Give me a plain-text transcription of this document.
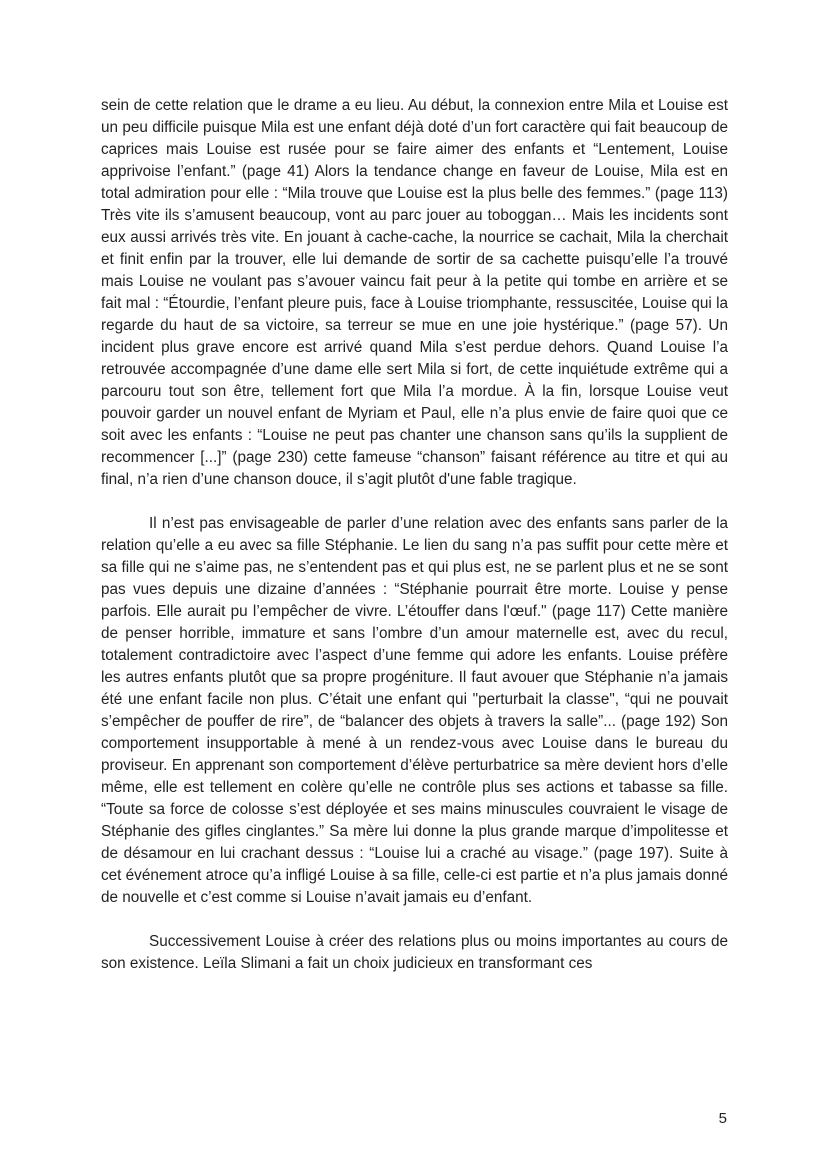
sein de cette relation que le drame a eu lieu. Au début, la connexion entre Mila et Louise est un peu difficile puisque Mila est une enfant déjà doté d’un fort caractère qui fait beaucoup de caprices mais Louise est rusée pour se faire aimer des enfants et “Lentement, Louise apprivoise l’enfant.” (page 41) Alors la tendance change en faveur de Louise, Mila est en total admiration pour elle : “Mila trouve que Louise est la plus belle des femmes.” (page 113) Très vite ils s’amusent beaucoup, vont au parc jouer au toboggan… Mais les incidents sont eux aussi arrivés très vite. En jouant à cache-cache, la nourrice se cachait, Mila la cherchait et finit enfin par la trouver, elle lui demande de sortir de sa cachette puisqu’elle l’a trouvé mais Louise ne voulant pas s’avouer vaincu fait peur à la petite qui tombe en arrière et se fait mal : “Étourdie, l’enfant pleure puis, face à Louise triomphante, ressuscitée, Louise qui la regarde du haut de sa victoire, sa terreur se mue en une joie hystérique.” (page 57). Un incident plus grave encore est arrivé quand Mila s’est perdue dehors. Quand Louise l’a retrouvée accompagnée d’une dame elle sert Mila si fort, de cette inquiétude extrême qui a parcouru tout son être, tellement fort que Mila l’a mordue. À la fin, lorsque Louise veut pouvoir garder un nouvel enfant de Myriam et Paul, elle n’a plus envie de faire quoi que ce soit avec les enfants : “Louise ne peut pas chanter une chanson sans qu’ils la supplient de recommencer [...]” (page 230) cette fameuse “chanson” faisant référence au titre et qui au final, n’a rien d’une chanson douce, il s’agit plutôt d'une fable tragique.

Il n’est pas envisageable de parler d’une relation avec des enfants sans parler de la relation qu’elle a eu avec sa fille Stéphanie. Le lien du sang n’a pas suffit pour cette mère et sa fille qui ne s’aime pas, ne s’entendent pas et qui plus est, ne se parlent plus et ne se sont pas vues depuis une dizaine d’années : “Stéphanie pourrait être morte. Louise y pense parfois. Elle aurait pu l’empêcher de vivre. L’étouffer dans l'œuf." (page 117) Cette manière de penser horrible, immature et sans l’ombre d’un amour maternelle est, avec du recul, totalement contradictoire avec l’aspect d’une femme qui adore les enfants. Louise préfère les autres enfants plutôt que sa propre progéniture. Il faut avouer que Stéphanie n’a jamais été une enfant facile non plus. C’était une enfant qui "perturbait la classe", “qui ne pouvait s’empêcher de pouffer de rire”, de “balancer des objets à travers la salle”... (page 192) Son comportement insupportable à mené à un rendez-vous avec Louise dans le bureau du proviseur. En apprenant son comportement d’élève perturbatrice sa mère devient hors d’elle même, elle est tellement en colère qu’elle ne contrôle plus ses actions et tabasse sa fille. “Toute sa force de colosse s’est déployée et ses mains minuscules couvraient le visage de Stéphanie des gifles cinglantes.” Sa mère lui donne la plus grande marque d’impolitesse et de désamour en lui crachant dessus : “Louise lui a craché au visage.” (page 197). Suite à cet événement atroce qu’a infligé Louise à sa fille, celle-ci est partie et n’a plus jamais donné de nouvelle et c’est comme si Louise n’avait jamais eu d’enfant.

Successivement Louise à créer des relations plus ou moins importantes au cours de son existence. Leïla Slimani a fait un choix judicieux en transformant ces

5
